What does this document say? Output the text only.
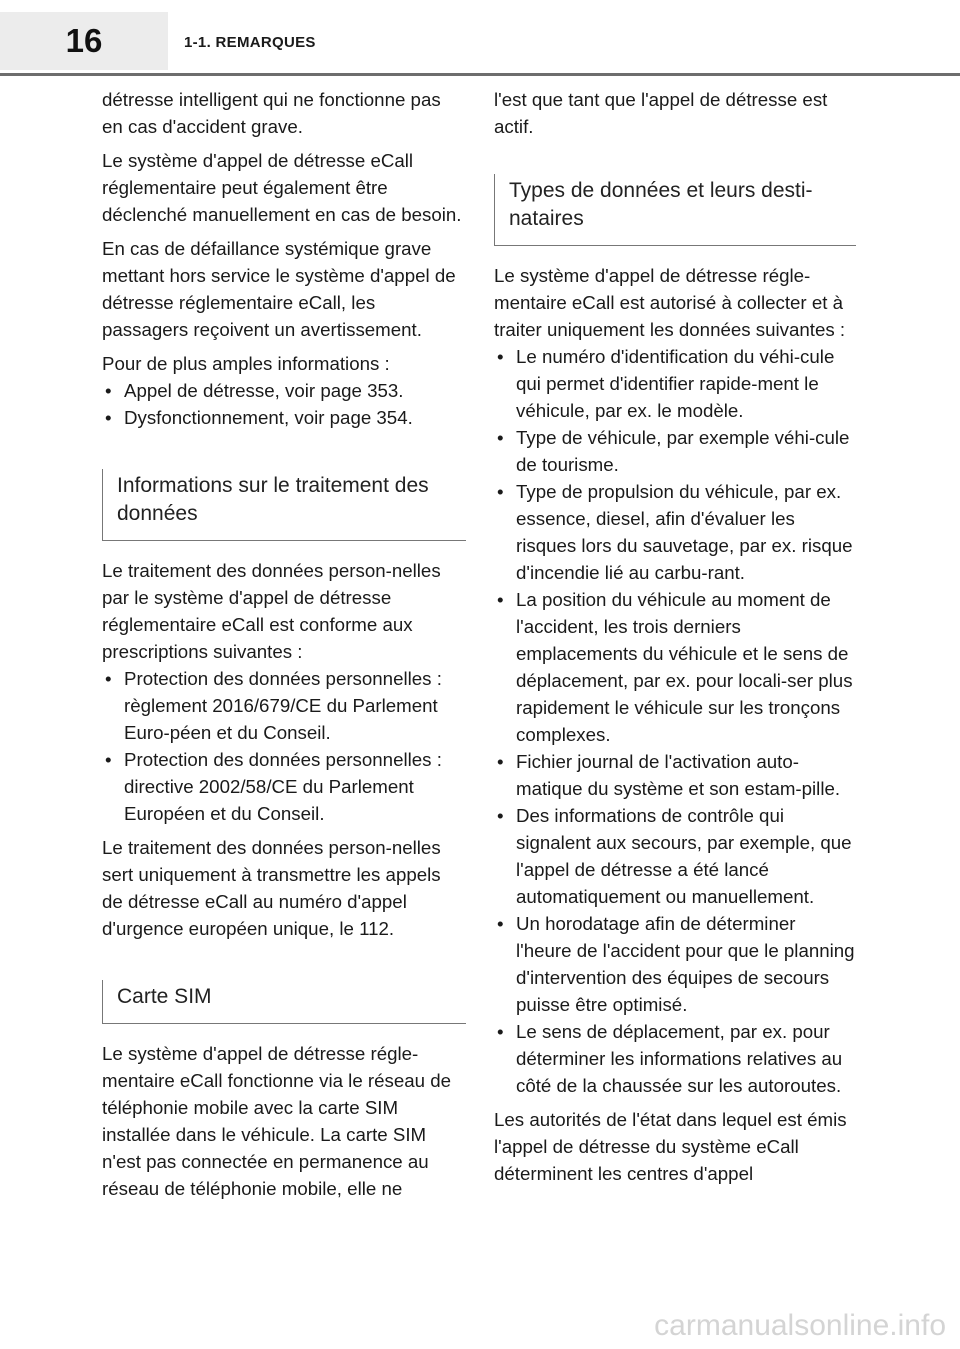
16	1-1. REMARQUES

détresse intelligent qui ne fonctionne pas en cas d'accident grave.

Le système d'appel de détresse eCall réglementaire peut également être déclenché manuellement en cas de besoin.

En cas de défaillance systémique grave mettant hors service le système d'appel de détresse réglementaire eCall, les passagers reçoivent un avertissement.

Pour de plus amples informations :

• Appel de détresse, voir page 353.
• Dysfonctionnement, voir page 354.
Informations sur le traitement des données

Le traitement des données person-nelles par le système d'appel de détresse réglementaire eCall est conforme aux prescriptions suivantes :

• Protection des données personnelles : règlement 2016/679/CE du Parlement Euro-péen et du Conseil.
• Protection des données personnelles : directive 2002/58/CE du Parlement Européen et du Conseil.

Le traitement des données person-nelles sert uniquement à transmettre les appels de détresse eCall au numéro d'appel d'urgence européen unique, le 112.

Carte SIM

Le système d'appel de détresse régle-mentaire eCall fonctionne via le réseau de téléphonie mobile avec la carte SIM installée dans le véhicule. La carte SIM n'est pas connectée en permanence au réseau de téléphonie mobile, elle ne

l'est que tant que l'appel de détresse est actif.

Types de données et leurs desti-nataires

Le système d'appel de détresse régle-mentaire eCall est autorisé à collecter et à traiter uniquement les données suivantes :

• Le numéro d'identification du véhi-cule qui permet d'identifier rapide-ment le véhicule, par ex. le modèle.
• Type de véhicule, par exemple véhi-cule de tourisme.
• Type de propulsion du véhicule, par ex. essence, diesel, afin d'évaluer les risques lors du sauvetage, par ex. risque d'incendie lié au carbu-rant.
• La position du véhicule au moment de l'accident, les trois derniers emplacements du véhicule et le sens de déplacement, par ex. pour locali-ser plus rapidement le véhicule sur les tronçons complexes.
• Fichier journal de l'activation auto-matique du système et son estam-pille.
• Des informations de contrôle qui signalent aux secours, par exemple, que l'appel de détresse a été lancé automatiquement ou manuellement.
• Un horodatage afin de déterminer l'heure de l'accident pour que le planning d'intervention des équipes de secours puisse être optimisé.
• Le sens de déplacement, par ex. pour déterminer les informations relatives au côté de la chaussée sur les autoroutes.

Les autorités de l'état dans lequel est émis l'appel de détresse du système eCall déterminent les centres d'appel

carmanualsonline.info
